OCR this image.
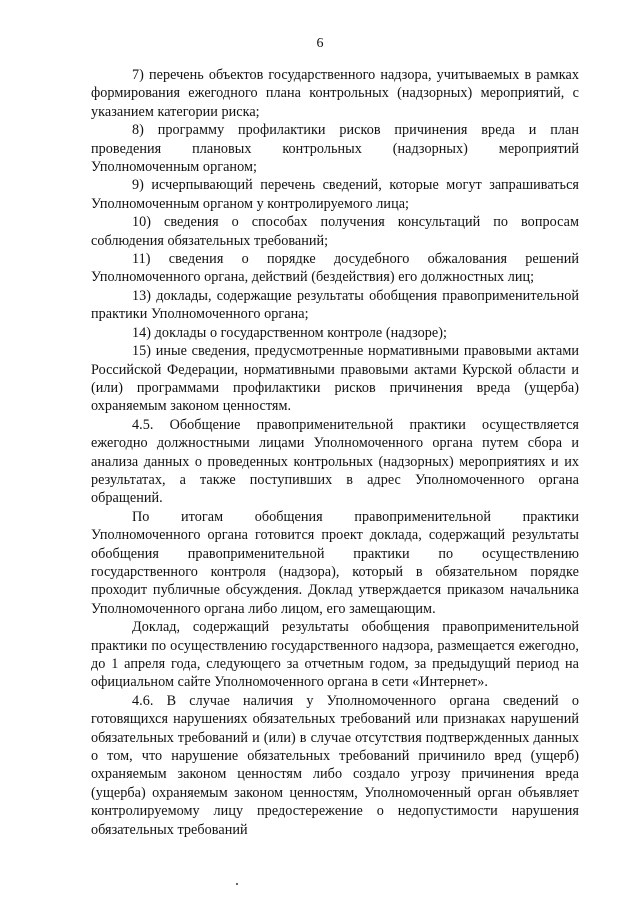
6

7) перечень объектов государственного надзора, учитываемых в рамках формирования ежегодного плана контрольных (надзорных) мероприятий, с указанием категории риска;

8) программу профилактики рисков причинения вреда и план проведения плановых контрольных (надзорных) мероприятий Уполномоченным органом;

9) исчерпывающий перечень сведений, которые могут запрашиваться Уполномоченным органом у контролируемого лица;

10) сведения о способах получения консультаций по вопросам соблюдения обязательных требований;

11) сведения о порядке досудебного обжалования решений Уполномоченного органа, действий (бездействия) его должностных лиц;

13) доклады, содержащие результаты обобщения правоприменительной практики Уполномоченного органа;

14) доклады о государственном контроле (надзоре);

15) иные сведения, предусмотренные нормативными правовыми актами Российской Федерации, нормативными правовыми актами Курской области и (или) программами профилактики рисков причинения вреда (ущерба) охраняемым законом ценностям.

4.5. Обобщение правоприменительной практики осуществляется ежегодно должностными лицами Уполномоченного органа путем сбора и анализа данных о проведенных контрольных (надзорных) мероприятиях и их результатах, а также поступивших в адрес Уполномоченного органа обращений.

По итогам обобщения правоприменительной практики Уполномоченного органа готовится проект доклада, содержащий результаты обобщения правоприменительной практики по осуществлению государственного контроля (надзора), который в обязательном порядке проходит публичные обсуждения. Доклад утверждается приказом начальника Уполномоченного органа либо лицом, его замещающим.

Доклад, содержащий результаты обобщения правоприменительной практики по осуществлению государственного надзора, размещается ежегодно, до 1 апреля года, следующего за отчетным годом, за предыдущий период на официальном сайте Уполномоченного органа в сети «Интернет».

4.6. В случае наличия у Уполномоченного органа сведений о готовящихся нарушениях обязательных требований или признаках нарушений обязательных требований и (или) в случае отсутствия подтвержденных данных о том, что нарушение обязательных требований причинило вред (ущерб) охраняемым законом ценностям либо создало угрозу причинения вреда (ущерба) охраняемым законом ценностям, Уполномоченный орган объявляет контролируемому лицу предостережение о недопустимости нарушения обязательных требований
